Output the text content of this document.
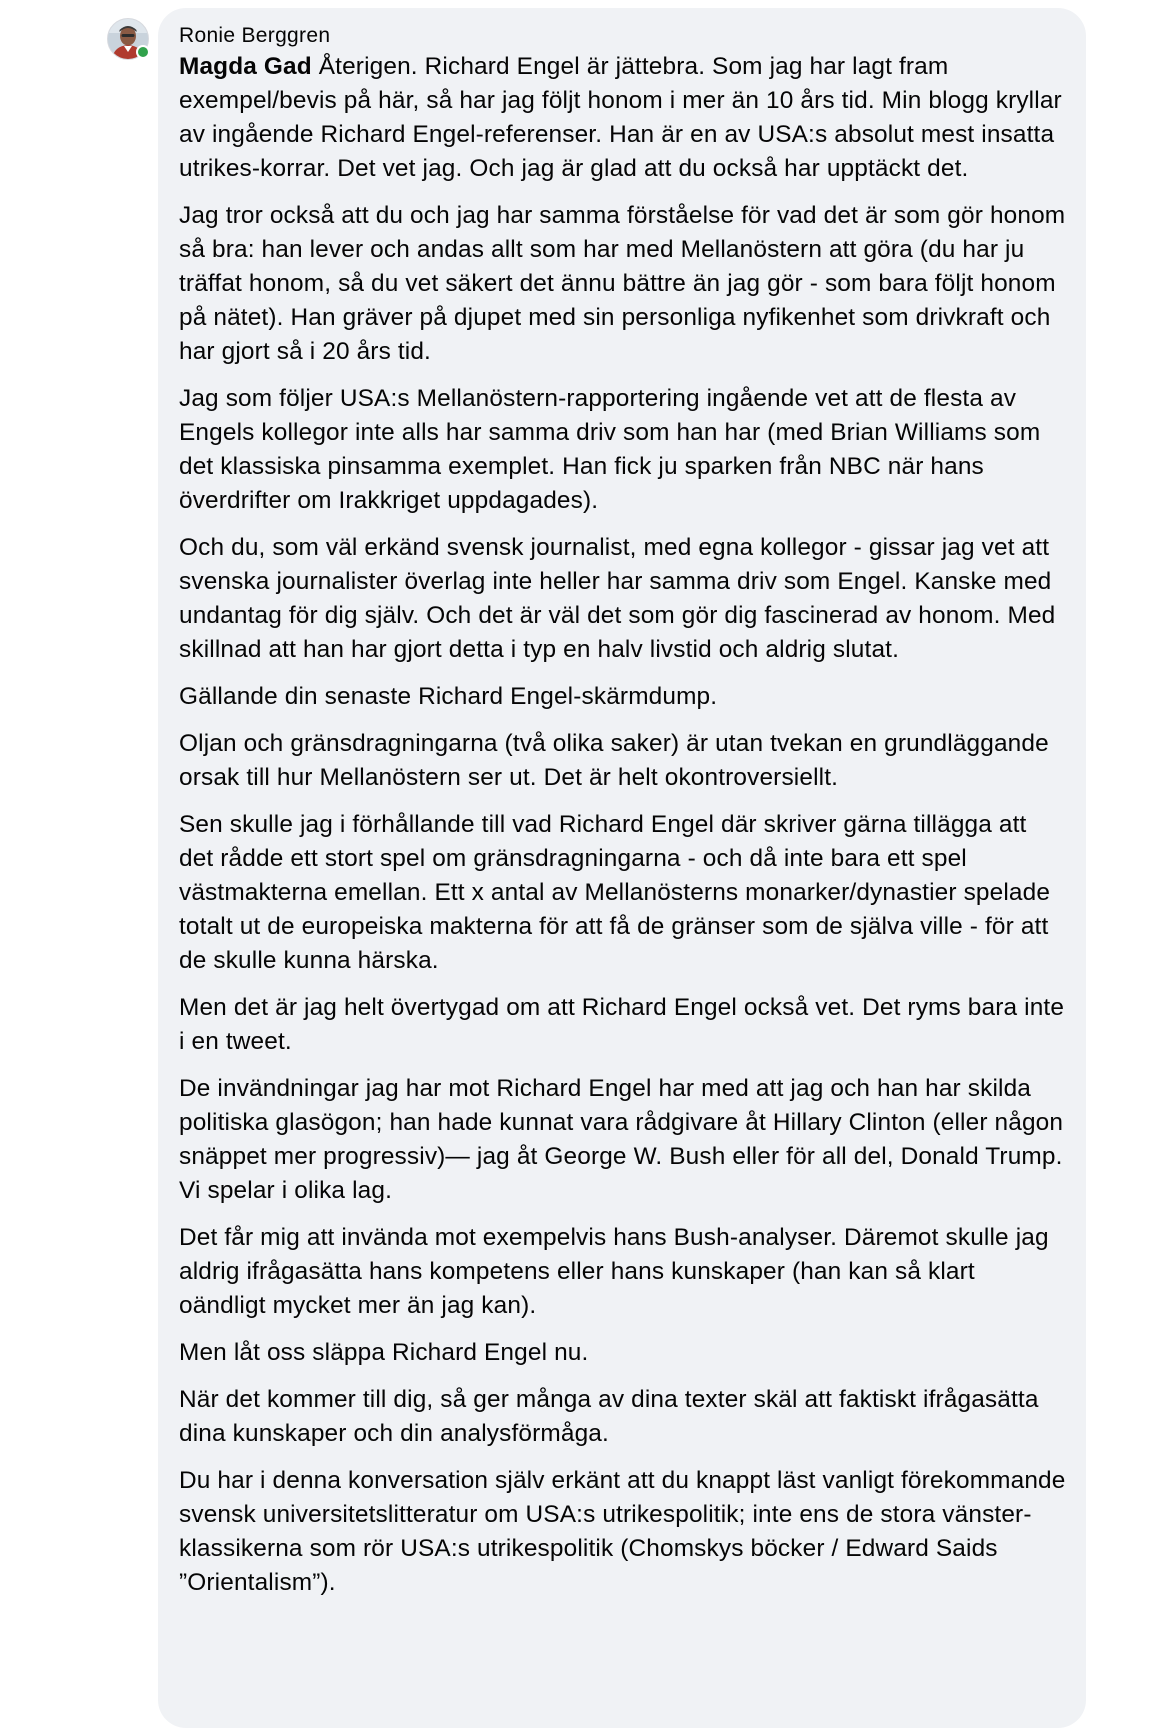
Ronie Berggren

Magda Gad Återigen. Richard Engel är jättebra. Som jag har lagt fram exempel/bevis på här, så har jag följt honom i mer än 10 års tid. Min blogg kryllar av ingående Richard Engel-referenser. Han är en av USA:s absolut mest insatta utrikes-korrar. Det vet jag. Och jag är glad att du också har upptäckt det.

Jag tror också att du och jag har samma förståelse för vad det är som gör honom så bra: han lever och andas allt som har med Mellanöstern att göra (du har ju träffat honom, så du vet säkert det ännu bättre än jag gör - som bara följt honom på nätet). Han gräver på djupet med sin personliga nyfikenhet som drivkraft och har gjort så i 20 års tid.

Jag som följer USA:s Mellanöstern-rapportering ingående vet att de flesta av Engels kollegor inte alls har samma driv som han har (med Brian Williams som det klassiska pinsamma exemplet. Han fick ju sparken från NBC när hans överdrifter om Irakkriget uppdagades).

Och du, som väl erkänd svensk journalist, med egna kollegor - gissar jag vet att svenska journalister överlag inte heller har samma driv som Engel. Kanske med undantag för dig själv. Och det är väl det som gör dig fascinerad av honom. Med skillnad att han har gjort detta i typ en halv livstid och aldrig slutat.

Gällande din senaste Richard Engel-skärmdump.

Oljan och gränsdragningarna (två olika saker) är utan tvekan en grundläggande orsak till hur Mellanöstern ser ut. Det är helt okontroversiellt.

Sen skulle jag i förhållande till vad Richard Engel där skriver gärna tillägga att det rådde ett stort spel om gränsdragningarna - och då inte bara ett spel västmakterna emellan. Ett x antal av Mellanösterns monarker/dynastier spelade totalt ut de europeiska makterna för att få de gränser som de själva ville - för att de skulle kunna härska.

Men det är jag helt övertygad om att Richard Engel också vet. Det ryms bara inte i en tweet.

De invändningar jag har mot Richard Engel har med att jag och han har skilda politiska glasögon; han hade kunnat vara rådgivare åt Hillary Clinton (eller någon snäppet mer progressiv)— jag åt George W. Bush eller för all del, Donald Trump. Vi spelar i olika lag.

Det får mig att invända mot exempelvis hans Bush-analyser. Däremot skulle jag aldrig ifrågasätta hans kompetens eller hans kunskaper (han kan så klart oändligt mycket mer än jag kan).

Men låt oss släppa Richard Engel nu.

När det kommer till dig, så ger många av dina texter skäl att faktiskt ifrågasätta dina kunskaper och din analysförmåga.

Du har i denna konversation själv erkänt att du knappt läst vanligt förekommande svensk universitetslitteratur om USA:s utrikespolitik; inte ens de stora vänster-klassikerna som rör USA:s utrikespolitik (Chomskys böcker / Edward Saids ”Orientalism”).
